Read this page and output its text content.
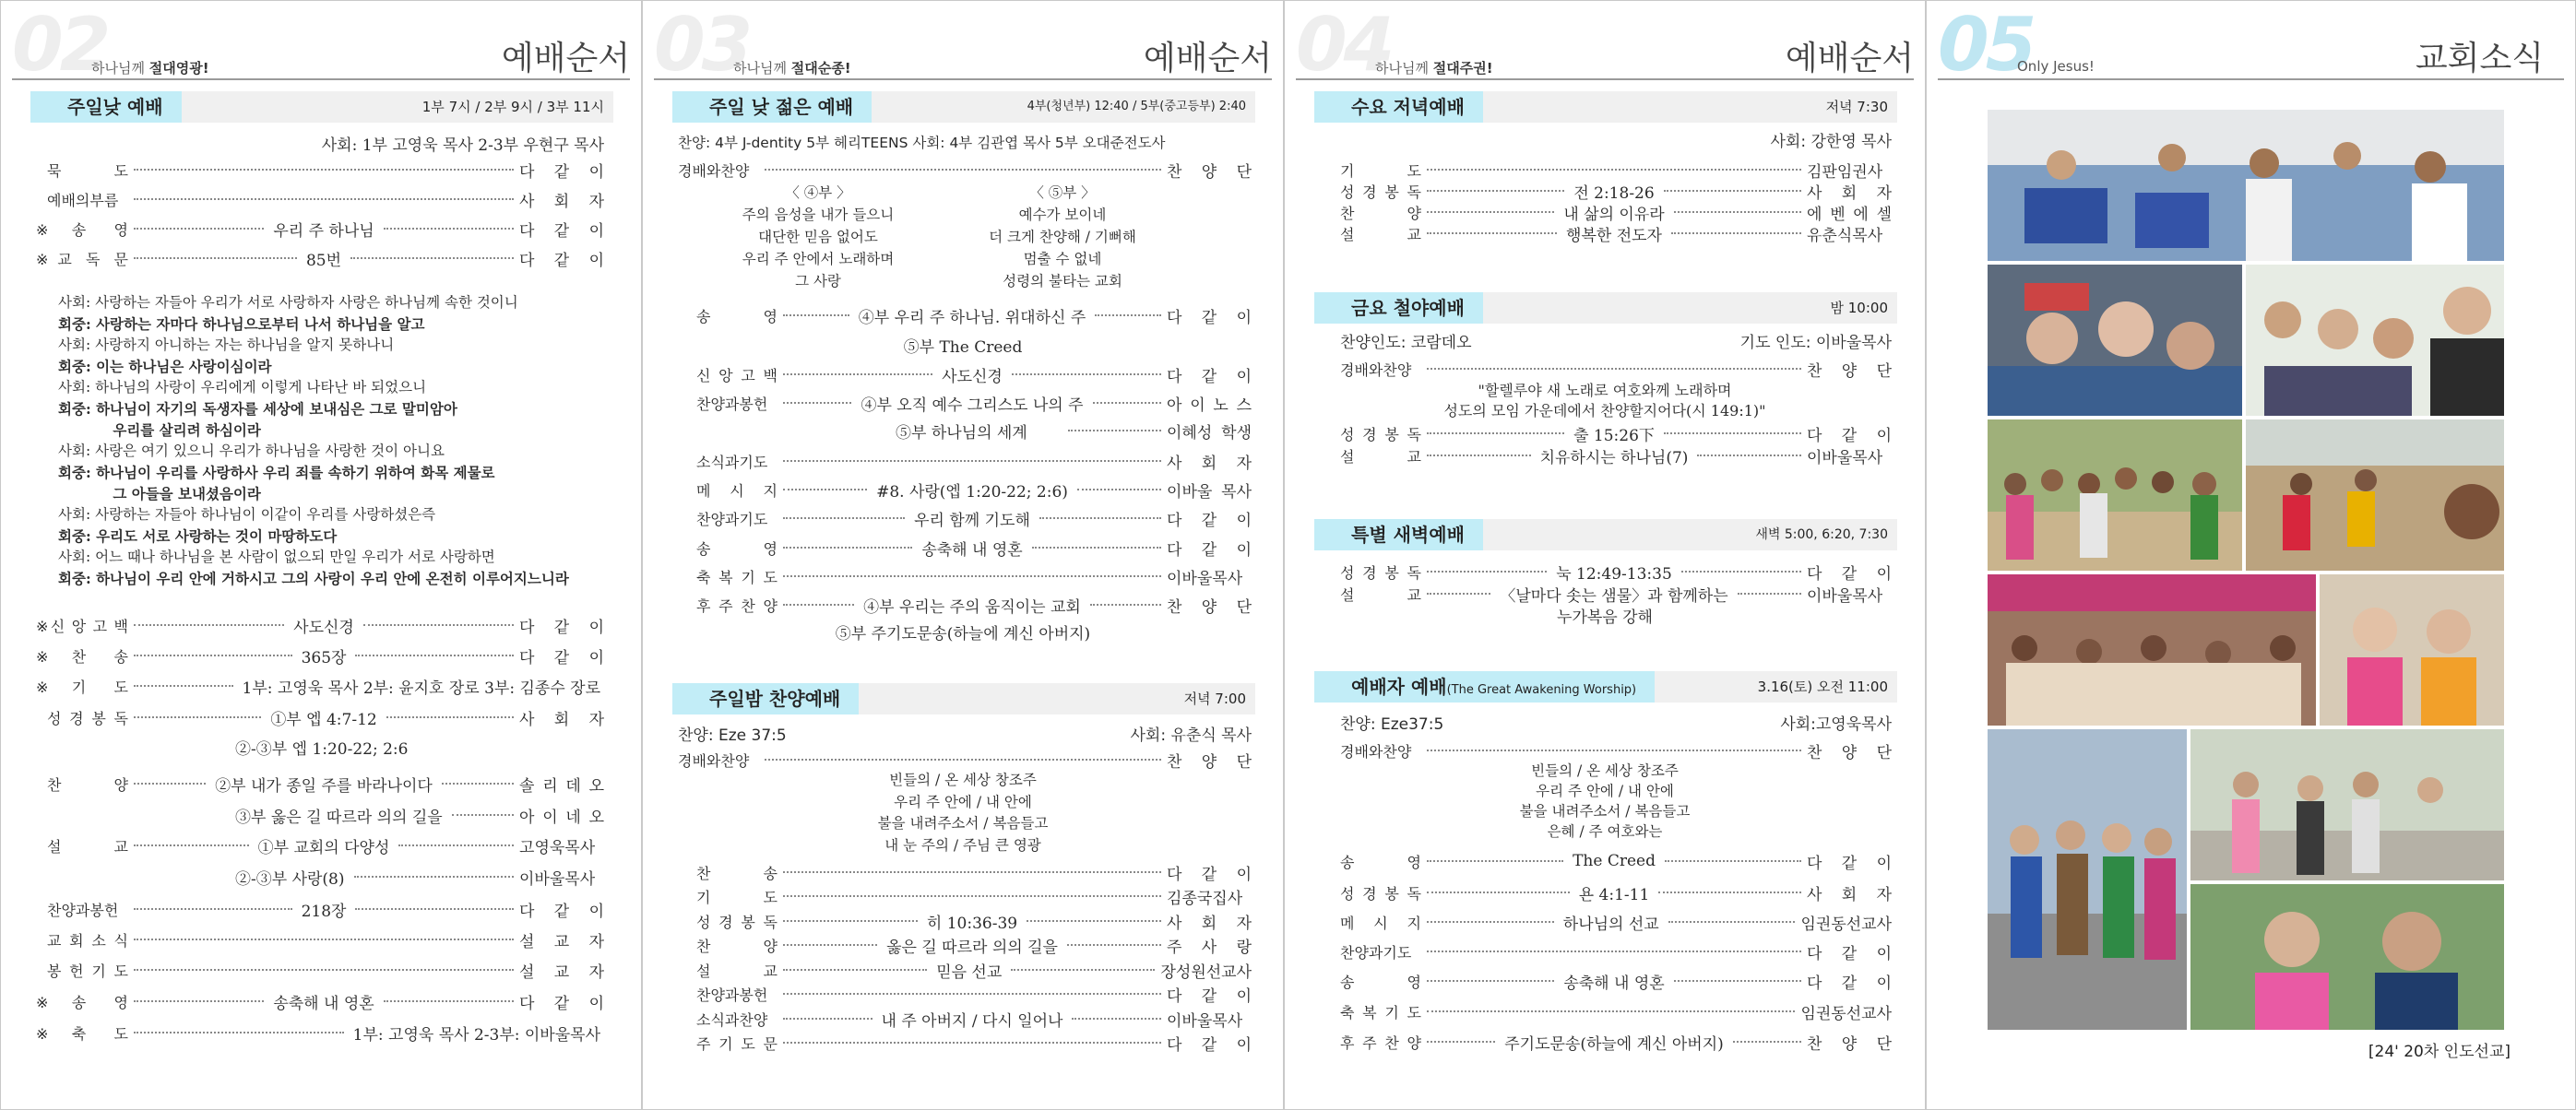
02
하나님께 절대영광!	예배순서
주일낮 예배	1부 7시 / 2부 9시 / 3부 11시
사회: 1부 고영욱 목사 2-3부 우현구 목사
묵 도	다 같 이
예배의부름	사 회 자
※송 영	우리 주 하나님	다 같 이
※교 독 문	85번	다 같 이
사회: 사랑하는 자들아 우리가 서로 사랑하자 사랑은 하나님께 속한 것이니
회중: 사랑하는 자마다 하나님으로부터 나서 하나님을 알고
사회: 사랑하지 아니하는 자는 하나님을 알지 못하나니
회중: 이는 하나님은 사랑이심이라
사회: 하나님의 사랑이 우리에게 이렇게 나타난 바 되었으니
회중: 하나님이 자기의 독생자를 세상에 보내심은 그로 말미암아
우리를 살리려 하심이라
사회: 사랑은 여기 있으니 우리가 하나님을 사랑한 것이 아니요
회중: 하나님이 우리를 사랑하사 우리 죄를 속하기 위하여 화목 제물로
그 아들을 보내셨음이라
사회: 사랑하는 자들아 하나님이 이같이 우리를 사랑하셨은즉
회중: 우리도 서로 사랑하는 것이 마땅하도다
사회: 어느 때나 하나님을 본 사람이 없으되 만일 우리가 서로 사랑하면
회중: 하나님이 우리 안에 거하시고 그의 사랑이 우리 안에 온전히 이루어지느니라
※신 앙 고 백	사도신경	다 같 이
※찬 송	365장	다 같 이
※기 도	1부: 고영욱 목사 2부: 윤지호 장로 3부: 김종수 장로
성 경 봉 독	①부 엡 4:7-12	사 회 자
②-③부 엡 1:20-22; 2:6
찬 양	②부 내가 종일 주를 바라나이다	솔 리 데 오
③부 옳은 길 따르라 의의 길을	아 이 네 오
설 교	①부 교회의 다양성	고영욱목사
②-③부 사랑(8)	이바울목사
찬양과봉헌	218장	다 같 이
교 회 소 식	설 교 자
봉 헌 기 도	설 교 자
※송 영	송축해 내 영혼	다 같 이
※축 도	1부: 고영욱 목사 2-3부: 이바울목사
03
하나님께 절대순종!	예배순서
주일 낮 젊은 예배	4부(청년부) 12:40 / 5부(중고등부) 2:40
찬양: 4부 J-dentity 5부 헤리TEENS 사회: 4부 김관엽 목사 5부 오대준전도사
경배와찬양	찬 양 단
〈 ④부 〉
주의 음성을 내가 들으니
대단한 믿음 없어도
우리 주 안에서 노래하며
그 사랑
〈 ⑤부 〉
예수가 보이네
더 크게 찬양해 / 기뻐해
멈출 수 없네
성령의 불타는 교회
송 영	④부 우리 주 하나님. 위대하신 주	다 같 이
⑤부 The Creed
신 앙 고 백	사도신경	다 같 이
찬양과봉헌	④부 오직 예수 그리스도 나의 주	아 이 노 스
⑤부 하나님의 세계	이혜성 학생
소식과기도	사 회 자
메 시 지	#8. 사랑(엡 1:20-22; 2:6)	이바울 목사
찬양과기도	우리 함께 기도해	다 같 이
송 영	송축해 내 영혼	다 같 이
축 복 기 도	이바울목사
후 주 찬 양	④부 우리는 주의 움직이는 교회	찬 양 단
⑤부 주기도문송(하늘에 계신 아버지)
주일밤 찬양예배	저녁 7:00
찬양: Eze 37:5	사회: 유춘식 목사
경배와찬양	찬 양 단
빈들의 / 온 세상 창조주
우리 주 안에 / 내 안에
불을 내려주소서 / 복음들고
내 눈 주의 / 주님 큰 영광
찬 송	다 같 이
기 도	김종국집사
성 경 봉 독	히 10:36-39	사 회 자
찬 양	옳은 길 따르라 의의 길을	주 사 랑
설 교	믿음 선교	장성원선교사
찬양과봉헌	다 같 이
소식과찬양	내 주 아버지 / 다시 일어나	이바울목사
주 기 도 문	다 같 이
04
하나님께 절대주권!	예배순서
수요 저녁예배	저녁 7:30
사회: 강한영 목사
기 도	김판임권사
성 경 봉 독	전 2:18-26	사 회 자
찬 양	내 삶의 이유라	에 벤 에 셀
설 교	행복한 전도자	유춘식목사
금요 철야예배	밤 10:00
찬양인도: 코람데오	기도 인도: 이바울목사
경배와찬양	찬 양 단
"할렐루야 새 노래로 여호와께 노래하며
성도의 모임 가운데에서 찬양할지어다(시 149:1)"
성 경 봉 독	출 15:26下	다 같 이
설 교	치유하시는 하나님(7)	이바울목사
특별 새벽예배	새벽 5:00, 6:20, 7:30
성 경 봉 독	눅 12:49-13:35	다 같 이
설 교	〈날마다 솟는 샘물〉과 함께하는	이바울목사
누가복음 강해
예배자 예배(The Great Awakening Worship)	3.16(토) 오전 11:00
찬양: Eze37:5	사회:고영욱목사
경배와찬양	찬 양 단
빈들의 / 온 세상 창조주
우리 주 안에 / 내 안에
불을 내려주소서 / 복음들고
은혜 / 주 여호와는
송 영	The Creed	다 같 이
성 경 봉 독	욘 4:1-11	사 회 자
메 시 지	하나님의 선교	임권동선교사
찬양과기도	다 같 이
송 영	송축해 내 영혼	다 같 이
축 복 기 도	임권동선교사
후 주 찬 양	주기도문송(하늘에 계신 아버지)	찬 양 단
05
Only Jesus!	교회소식
[24' 20차 인도선교]
